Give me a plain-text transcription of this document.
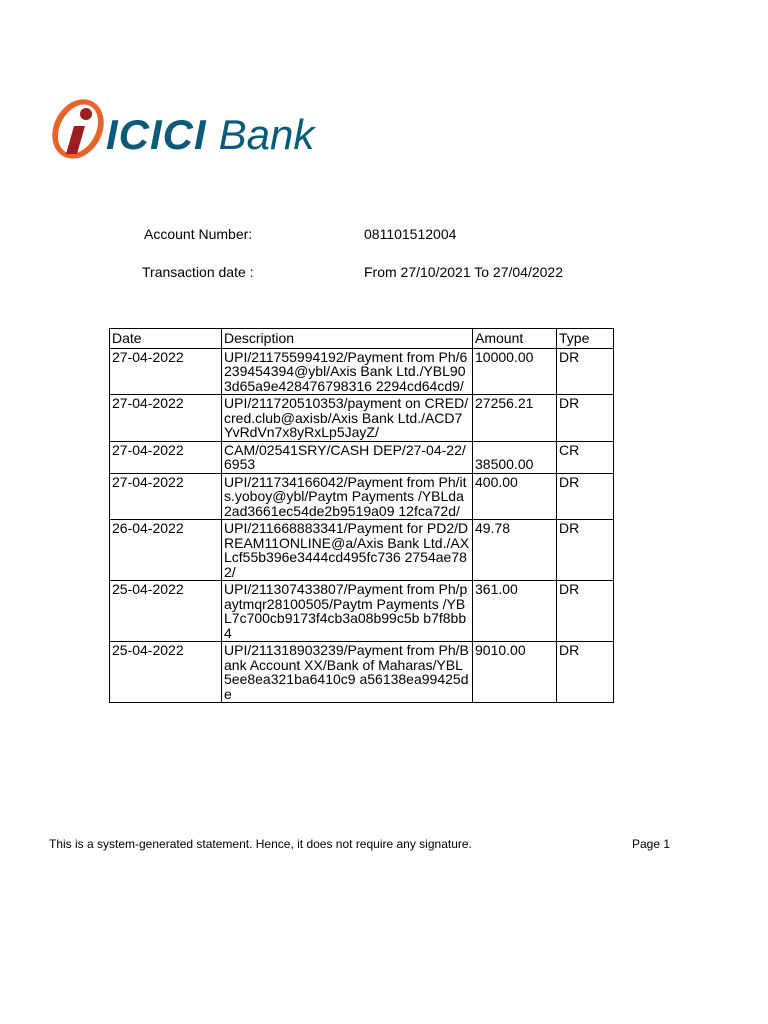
ICICI Bank
Account Number:	081101512004
Transaction date :	From 27/10/2021 To 27/04/2022
Date	Description	Amount	Type
27-04-2022	UPI/211755994192/Payment from Ph/6239454394@ybl/Axis Bank Ltd./YBL903d65a9e428476798316 2294cd64cd9/	10000.00	DR
27-04-2022	UPI/211720510353/payment on CRED/cred.club@axisb/Axis Bank Ltd./ACD7YvRdVn7x8yRxLp5JayZ/	27256.21	DR
27-04-2022	CAM/02541SRY/CASH DEP/27-04-22/6953	38500.00	CR
27-04-2022	UPI/211734166042/Payment from Ph/its.yoboy@ybl/Paytm Payments /YBLda2ad3661ec54de2b9519a09 12fca72d/	400.00	DR
26-04-2022	UPI/211668883341/Payment for PD2/DREAM11ONLINE@a/Axis Bank Ltd./AXLcf55b396e3444cd495fc736 2754ae782/	49.78	DR
25-04-2022	UPI/211307433807/Payment from Ph/paytmqr28100505/Paytm Payments /YBL7c700cb9173f4cb3a08b99c5b b7f8bb4	361.00	DR
25-04-2022	UPI/211318903239/Payment from Ph/Bank Account XX/Bank of Maharas/YBL5ee8ea321ba6410c9 a56138ea99425de	9010.00	DR
This is a system-generated statement. Hence, it does not require any signature.	Page 1
